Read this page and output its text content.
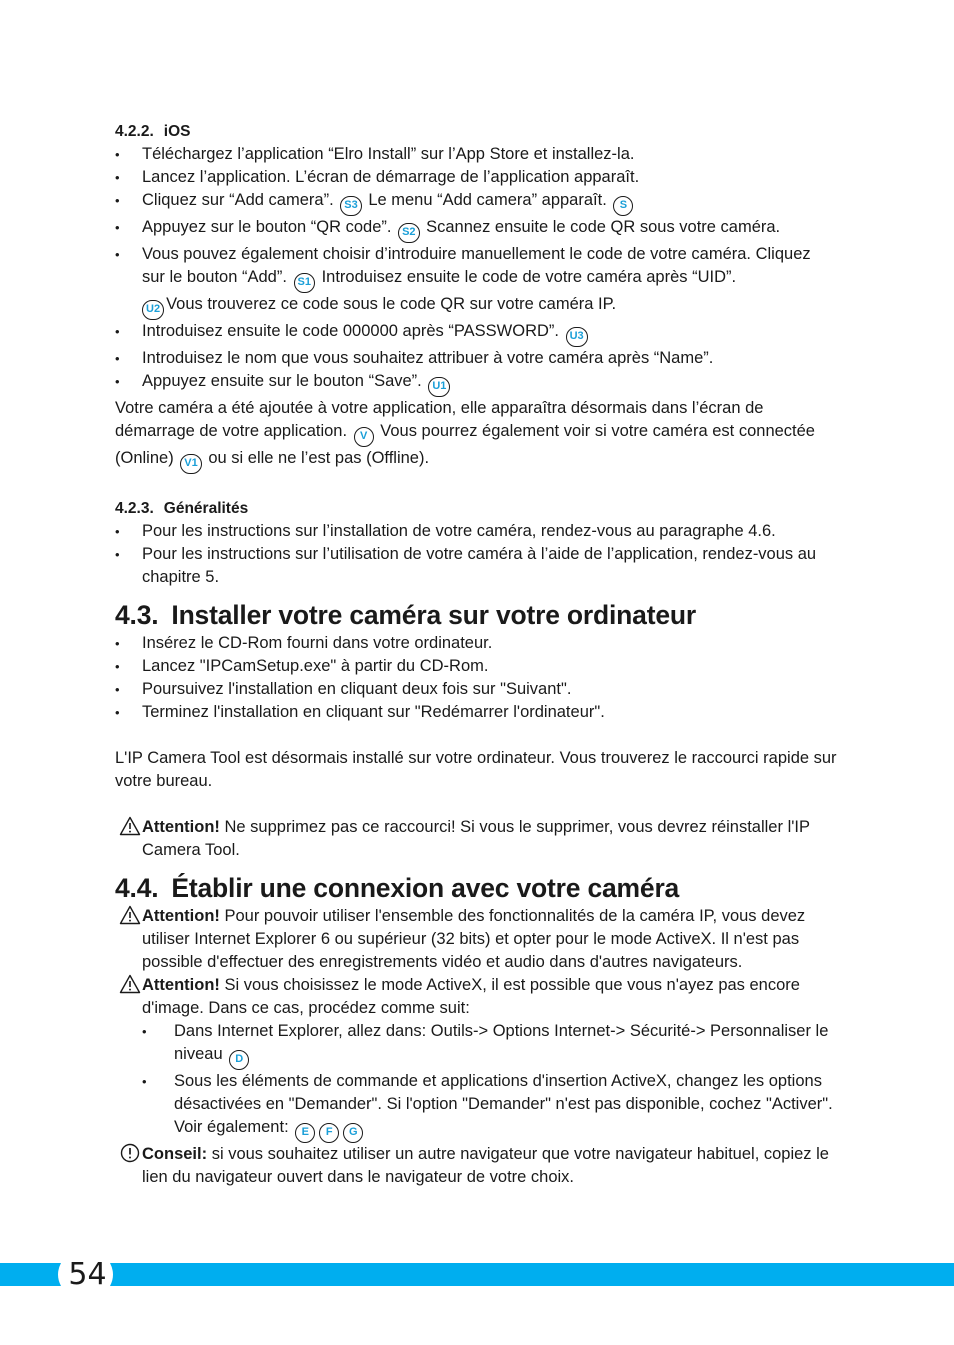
4.2.2. iOS
• Téléchargez l’application “Elro Install” sur l’App Store et installez-la.
• Lancez l’application. L’écran de démarrage de l’application apparaît.
• Cliquez sur “Add camera”. S3 Le menu “Add camera” apparaît. S
• Appuyez sur le bouton “QR code”. S2 Scannez ensuite le code QR sous votre caméra.
• Vous pouvez également choisir d’introduire manuellement le code de votre caméra. Cliquez sur le bouton “Add”. S1 Introduisez ensuite le code de votre caméra après “UID”.
U2 Vous trouverez ce code sous le code QR sur votre caméra IP.
• Introduisez ensuite le code 000000 après “PASSWORD”. U3
• Introduisez le nom que vous souhaitez attribuer à votre caméra après “Name”.
• Appuyez ensuite sur le bouton “Save”. U1

Votre caméra a été ajoutée à votre application, elle apparaîtra désormais dans l’écran de démarrage de votre application. V Vous pourrez également voir si votre caméra est connectée (Online) V1 ou si elle ne l’est pas (Offline).

4.2.3. Généralités
• Pour les instructions sur l’installation de votre caméra, rendez-vous au paragraphe 4.6.
• Pour les instructions sur l’utilisation de votre caméra à l’aide de l’application, rendez-vous au chapitre 5.
4.3. Installer votre caméra sur votre ordinateur
• Insérez le CD-Rom fourni dans votre ordinateur.
• Lancez "IPCamSetup.exe" à partir du CD-Rom.
• Poursuivez l'installation en cliquant deux fois sur "Suivant".
• Terminez l'installation en cliquant sur "Redémarrer l'ordinateur".

L'IP Camera Tool est désormais installé sur votre ordinateur. Vous trouverez le raccourci rapide sur votre bureau.

Attention! Ne supprimez pas ce raccourci! Si vous le supprimer, vous devrez réinstaller l'IP Camera Tool.
4.4. Établir une connexion avec votre caméra
Attention! Pour pouvoir utiliser l'ensemble des fonctionnalités de la caméra IP, vous devez utiliser Internet Explorer 6 ou supérieur (32 bits) et opter pour le mode ActiveX. Il n'est pas possible d'effectuer des enregistrements vidéo et audio dans d'autres navigateurs.
Attention! Si vous choisissez le mode ActiveX, il est possible que vous n'ayez pas encore d'image. Dans ce cas, procédez comme suit:
• Dans Internet Explorer, allez dans: Outils-> Options Internet-> Sécurité-> Personnaliser le niveau D
• Sous les éléments de commande et applications d'insertion ActiveX, changez les options désactivées en "Demander". Si l'option "Demander" n'est pas disponible, cochez "Activer". Voir également: E F G
Conseil: si vous souhaitez utiliser un autre navigateur que votre navigateur habituel, copiez le lien du navigateur ouvert dans le navigateur de votre choix.
54
